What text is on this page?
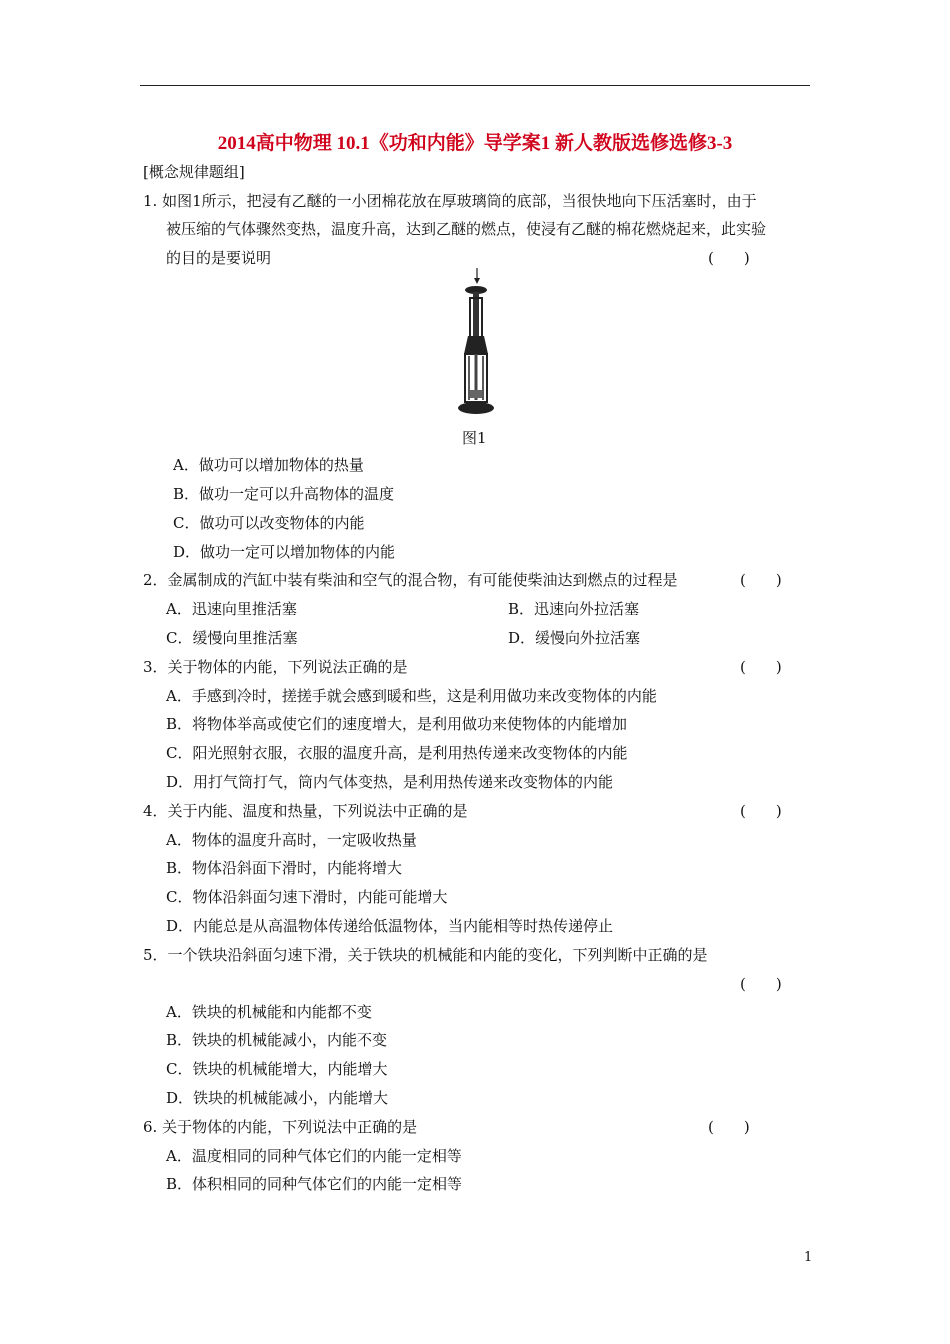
2014高中物理 10.1《功和内能》导学案1 新人教版选修选修3-3
[概念规律题组]
1. 如图1所示，把浸有乙醚的一小团棉花放在厚玻璃筒的底部，当很快地向下压活塞时，由于
被压缩的气体骤然变热，温度升高，达到乙醚的燃点，使浸有乙醚的棉花燃烧起来，此实验
的目的是要说明	(　　)
图1
A．做功可以增加物体的热量
B．做功一定可以升高物体的温度
C．做功可以改变物体的内能
D．做功一定可以增加物体的内能
2．金属制成的汽缸中装有柴油和空气的混合物，有可能使柴油达到燃点的过程是	(　　)
A．迅速向里推活塞	B．迅速向外拉活塞
C．缓慢向里推活塞	D．缓慢向外拉活塞
3．关于物体的内能，下列说法正确的是	(　　)
A．手感到冷时，搓搓手就会感到暖和些，这是利用做功来改变物体的内能
B．将物体举高或使它们的速度增大，是利用做功来使物体的内能增加
C．阳光照射衣服，衣服的温度升高，是利用热传递来改变物体的内能
D．用打气筒打气，筒内气体变热，是利用热传递来改变物体的内能
4．关于内能、温度和热量，下列说法中正确的是	(　　)
A．物体的温度升高时，一定吸收热量
B．物体沿斜面下滑时，内能将增大
C．物体沿斜面匀速下滑时，内能可能增大
D．内能总是从高温物体传递给低温物体，当内能相等时热传递停止
5．一个铁块沿斜面匀速下滑，关于铁块的机械能和内能的变化，下列判断中正确的是
(　　)
A．铁块的机械能和内能都不变
B．铁块的机械能减小，内能不变
C．铁块的机械能增大，内能增大
D．铁块的机械能减小，内能增大
6. 关于物体的内能，下列说法中正确的是	(　　)
A．温度相同的同种气体它们的内能一定相等
B．体积相同的同种气体它们的内能一定相等
1
